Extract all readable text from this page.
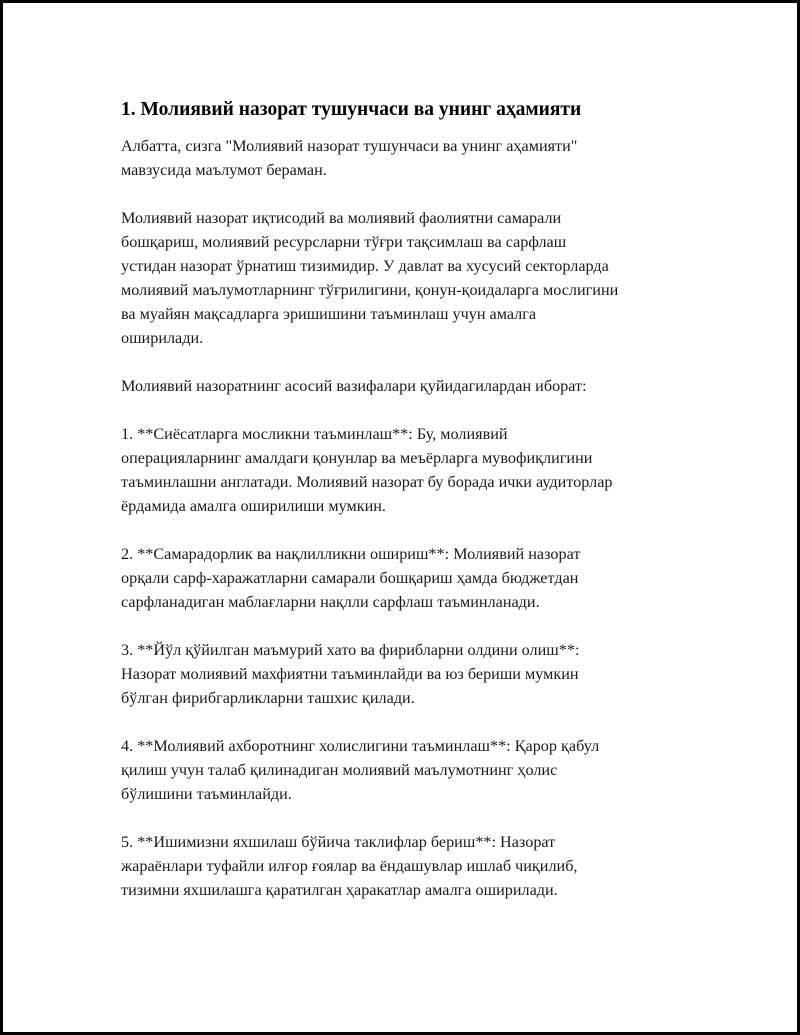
1. Молиявий назорат тушунчаси ва унинг аҳамияти

Албатта, сизга "Молиявий назорат тушунчаси ва унинг аҳамияти"
мавзусида маълумот бераман.

Молиявий назорат иқтисодий ва молиявий фаолиятни самарали
бошқариш, молиявий ресурсларни тўғри тақсимлаш ва сарфлаш
устидан назорат ўрнатиш тизимидир. У давлат ва хусусий секторларда
молиявий маълумотларнинг тўғрилигини, қонун-қоидаларга мослигини
ва муайян мақсадларга эришишини таъминлаш учун амалга
оширилади.

Молиявий назоратнинг асосий вазифалари қуйидагилардан иборат:

1. **Сиёсатларга мосликни таъминлаш**: Бу, молиявий
операцияларнинг амалдаги қонунлар ва меъёрларга мувофиқлигини
таъминлашни англатади. Молиявий назорат бу борада ички аудиторлар
ёрдамида амалга оширилиши мумкин.

2. **Самарадорлик ва нақлилликни ошириш**: Молиявий назорат
орқали сарф-харажатларни самарали бошқариш ҳамда бюджетдан
сарфланадиган маблағларни нақлли сарфлаш таъминланади.

3. **Йўл қўйилган маъмурий хато ва фирибларни олдини олиш**:
Назорат молиявий махфиятни таъминлайди ва юз бериши мумкин
бўлган фирибгарликларни ташхис қилади.

4. **Молиявий ахборотнинг холислигини таъминлаш**: Қарор қабул
қилиш учун талаб қилинадиган молиявий маълумотнинг ҳолис
бўлишини таъминлайди.

5. **Ишимизни яхшилаш бўйича таклифлар бериш**: Назорат
жараёнлари туфайли илғор ғоялар ва ёндашувлар ишлаб чиқилиб,
тизимни яхшилашга қаратилган ҳаракатлар амалга оширилади.
